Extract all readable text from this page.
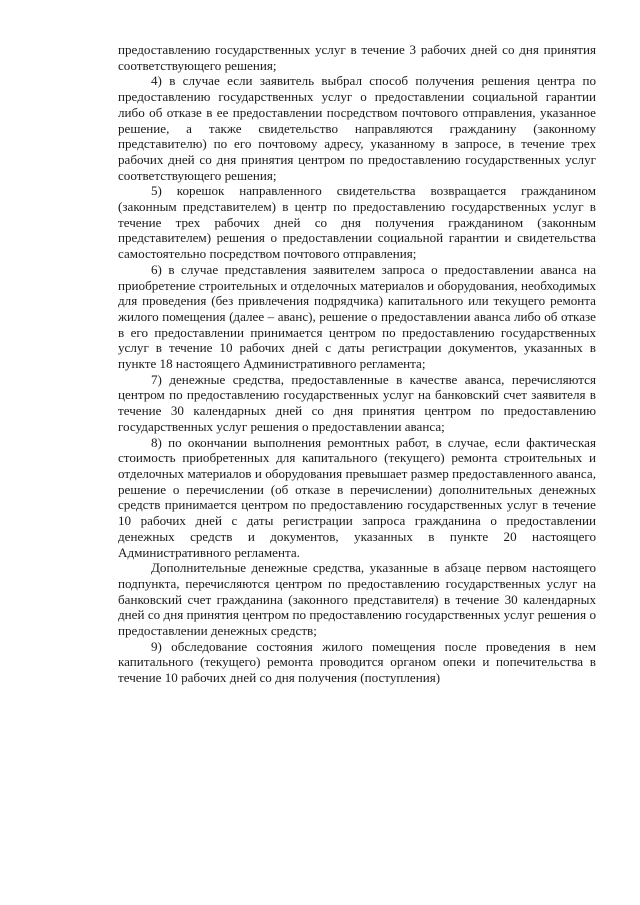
предоставлению государственных услуг в течение 3 рабочих дней со дня принятия соответствующего решения;

4) в случае если заявитель выбрал способ получения решения центра по предоставлению государственных услуг о предоставлении социальной гарантии либо об отказе в ее предоставлении посредством почтового отправления, указанное решение, а также свидетельство направляются гражданину (законному представителю) по его почтовому адресу, указанному в запросе, в течение трех рабочих дней со дня принятия центром по предоставлению государственных услуг соответствующего решения;

5) корешок направленного свидетельства возвращается гражданином (законным представителем) в центр по предоставлению государственных услуг в течение трех рабочих дней со дня получения гражданином (законным представителем) решения о предоставлении социальной гарантии и свидетельства самостоятельно посредством почтового отправления;

6) в случае представления заявителем запроса о предоставлении аванса на приобретение строительных и отделочных материалов и оборудования, необходимых для проведения (без привлечения подрядчика) капитального или текущего ремонта жилого помещения (далее – аванс), решение о предоставлении аванса либо об отказе в его предоставлении принимается центром по предоставлению государственных услуг в течение 10 рабочих дней с даты регистрации документов, указанных в пункте 18 настоящего Административного регламента;

7) денежные средства, предоставленные в качестве аванса, перечисляются центром по предоставлению государственных услуг на банковский счет заявителя в течение 30 календарных дней со дня принятия центром по предоставлению государственных услуг решения о предоставлении аванса;

8) по окончании выполнения ремонтных работ, в случае, если фактическая стоимость приобретенных для капитального (текущего) ремонта строительных и отделочных материалов и оборудования превышает размер предоставленного аванса, решение о перечислении (об отказе в перечислении) дополнительных денежных средств принимается центром по предоставлению государственных услуг в течение 10 рабочих дней с даты регистрации запроса гражданина о предоставлении денежных средств и документов, указанных в пункте 20 настоящего Административного регламента.

Дополнительные денежные средства, указанные в абзаце первом настоящего подпункта, перечисляются центром по предоставлению государственных услуг на банковский счет гражданина (законного представителя) в течение 30 календарных дней со дня принятия центром по предоставлению государственных услуг решения о предоставлении денежных средств;

9) обследование состояния жилого помещения после проведения в нем капитального (текущего) ремонта проводится органом опеки и попечительства в течение 10 рабочих дней со дня получения (поступления)
